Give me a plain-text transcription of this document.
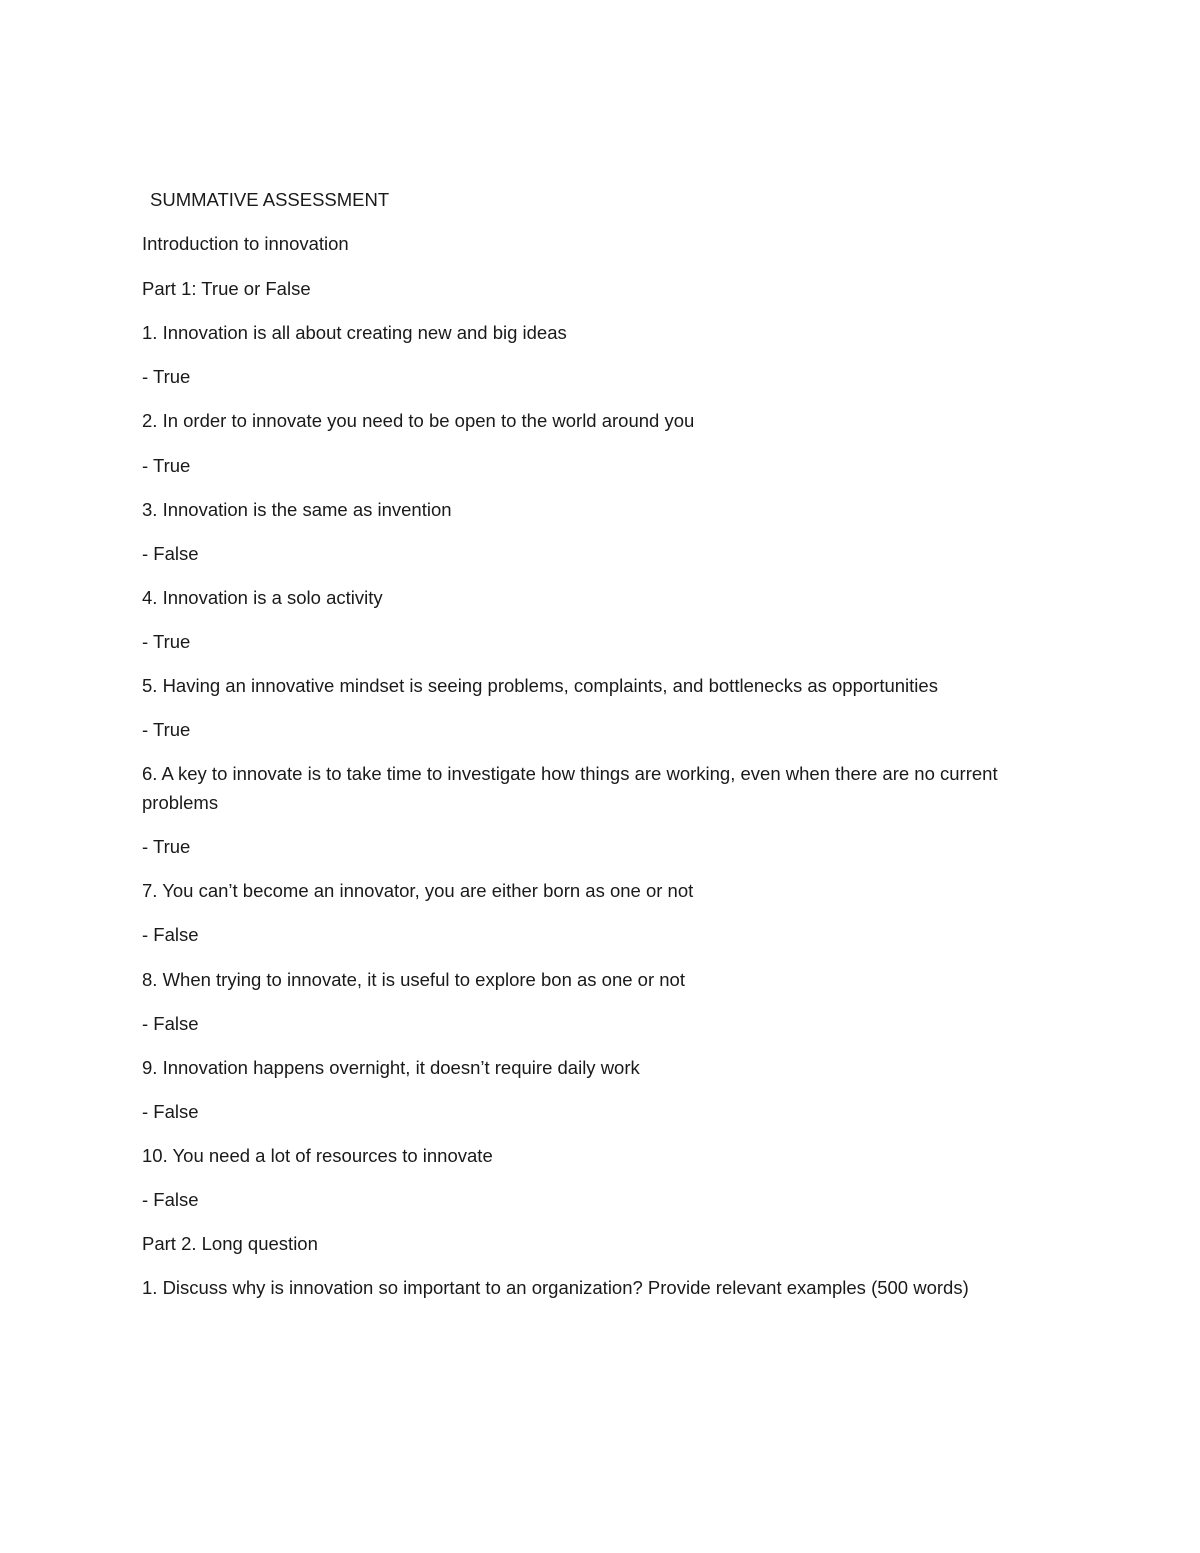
SUMMATIVE ASSESSMENT

Introduction to innovation

Part 1: True or False

1. Innovation is all about creating new and big ideas

- True

2. In order to innovate you need to be open to the world around you

- True

3. Innovation is the same as invention

- False

4. Innovation is a solo activity

- True

5. Having an innovative mindset is seeing problems, complaints, and bottlenecks as opportunities

- True

6. A key to innovate is to take time to investigate how things are working, even when there are no current problems

- True

7. You can’t become an innovator, you are either born as one or not

- False

8. When trying to innovate, it is useful to explore bon as one or not

- False

9. Innovation happens overnight, it doesn’t require daily work

- False

10. You need a lot of resources to innovate

- False

Part 2. Long question

1. Discuss why is innovation so important to an organization? Provide relevant examples (500 words)
